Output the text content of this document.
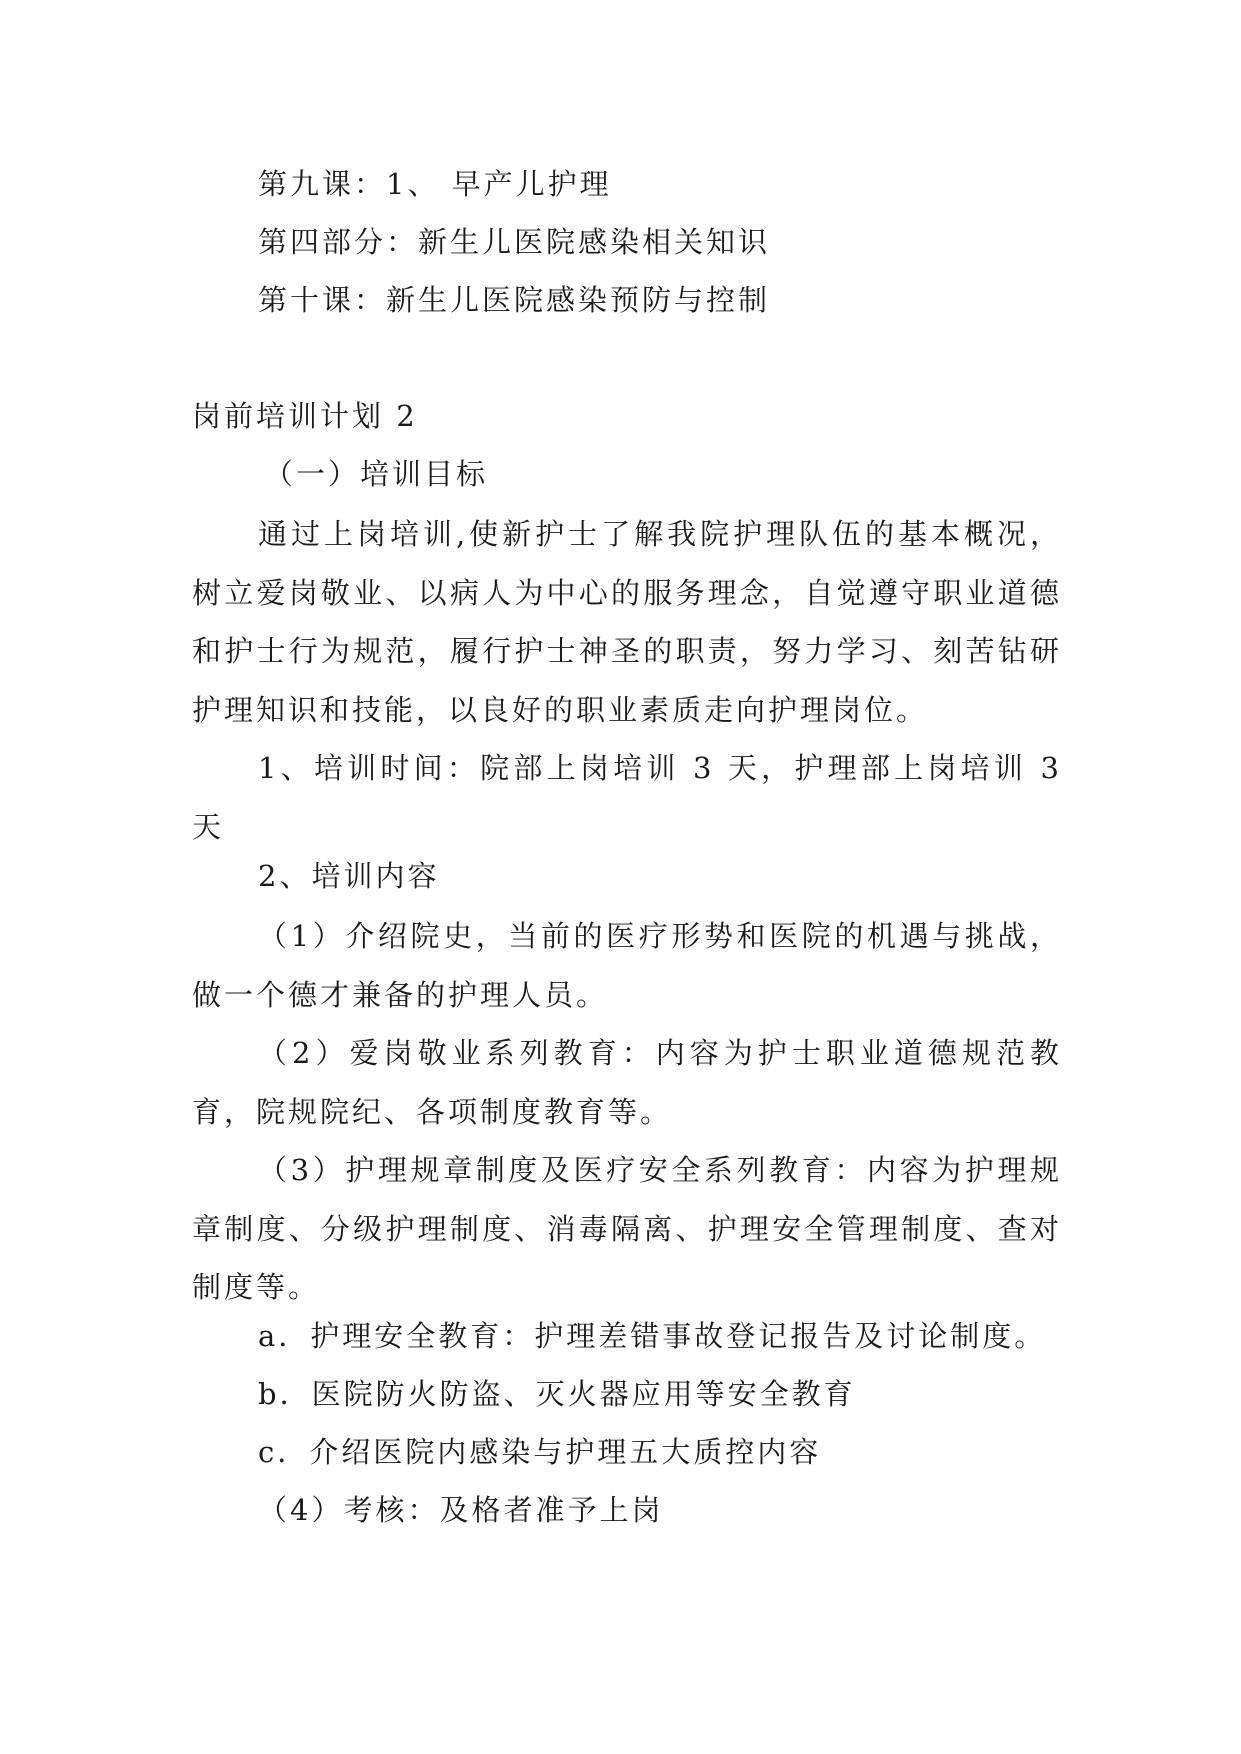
第九课：1、 早产儿护理
第四部分：新生儿医院感染相关知识
第十课：新生儿医院感染预防与控制
岗前培训计划 2
（一）培训目标
通过上岗培训,使新护士了解我院护理队伍的基本概况，树立爱岗敬业、以病人为中心的服务理念，自觉遵守职业道德和护士行为规范，履行护士神圣的职责，努力学习、刻苦钻研护理知识和技能，以良好的职业素质走向护理岗位。
1、培训时间：院部上岗培训 3 天，护理部上岗培训 3 天
2、培训内容
（1）介绍院史，当前的医疗形势和医院的机遇与挑战，做一个德才兼备的护理人员。
（2）爱岗敬业系列教育：内容为护士职业道德规范教育，院规院纪、各项制度教育等。
（3）护理规章制度及医疗安全系列教育：内容为护理规章制度、分级护理制度、消毒隔离、护理安全管理制度、查对制度等。
a．护理安全教育：护理差错事故登记报告及讨论制度。
b．医院防火防盗、灭火器应用等安全教育
c．介绍医院内感染与护理五大质控内容
（4）考核：及格者准予上岗
